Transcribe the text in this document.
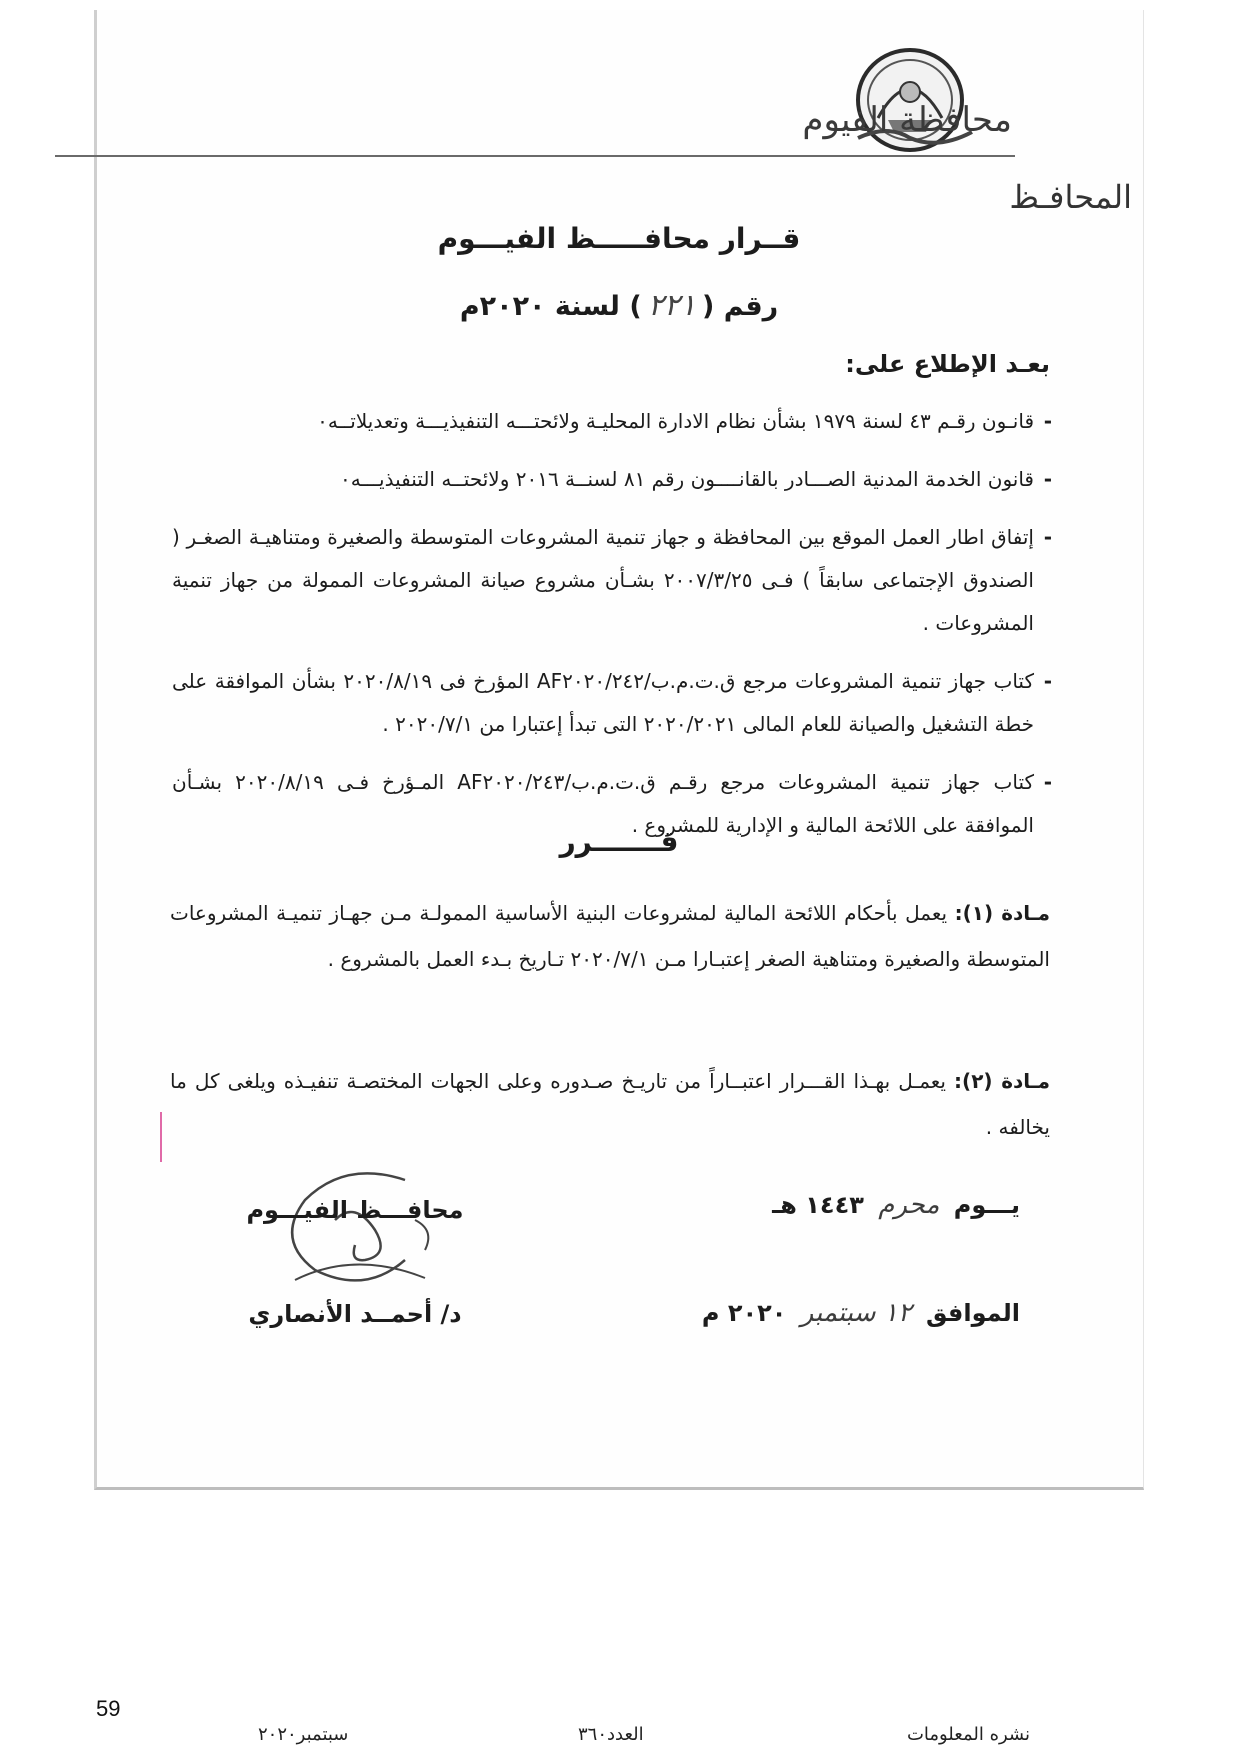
محافظة الفيوم
المحافـظ
قــرار محافـــــظ الفيـــوم
رقم (٢٢١) لسنة ٢٠٢٠م
بعـد الإطلاع على:
- قانـون رقـم ٤٣ لسنة ١٩٧٩ بشأن نظام الادارة المحليـة ولائحتـــه التنفيذيـــة وتعديلاتــه٠
- قانون الخدمة المدنية الصـــادر بالقانــــون رقم ٨١ لسنــة ٢٠١٦ ولائحتــه التنفيذيـــه٠
- إتفاق اطار العمل الموقع بين المحافظة و جهاز تنمية المشروعات المتوسطة والصغيرة ومتناهيـة الصغـر ( الصندوق الإجتماعى سابقاً ) فـى ٢٠٠٧/٣/٢٥ بشـأن مشروع صيانة المشروعات الممولة من جهاز تنمية المشروعات .
- كتاب جهاز تنمية المشروعات مرجع ق.ت.م.ب/AF٢٠٢٠/٢٤٢ المؤرخ فى ٢٠٢٠/٨/١٩ بشأن الموافقة على خطة التشغيل والصيانة للعام المالى ٢٠٢٠/٢٠٢١ التى تبدأ إعتبارا من ٢٠٢٠/٧/١ .
- كتاب جهاز تنمية المشروعات مرجع رقـم ق.ت.م.ب/AF٢٠٢٠/٢٤٣ المـؤرخ فـى ٢٠٢٠/٨/١٩ بشـأن الموافقة على اللائحة المالية و الإدارية للمشروع .
قـــــــرر
مـادة (١): يعمل بأحكام اللائحة المالية لمشروعات البنية الأساسية الممولـة مـن جهـاز تنميـة المشروعات المتوسطة والصغيرة ومتناهية الصغر إعتبـارا مـن ٢٠٢٠/٧/١ تـاريخ بـدء العمل بالمشروع .
مـادة (٢): يعمـل بهـذا القـــرار اعتبــاراً من تاريـخ صـدوره وعلى الجهات المختصـة تنفيـذه ويلغى كل ما يخالفه .
محافـــظ الفيـــوم
د/ أحمــد الأنصاري
يـــوم محرم ١٤٤٣ هـ
الموافق ١٢ سبتمبر ٢٠٢٠ م
59
نشره المعلومات
العدد٣٦٠
سبتمبر٢٠٢٠
